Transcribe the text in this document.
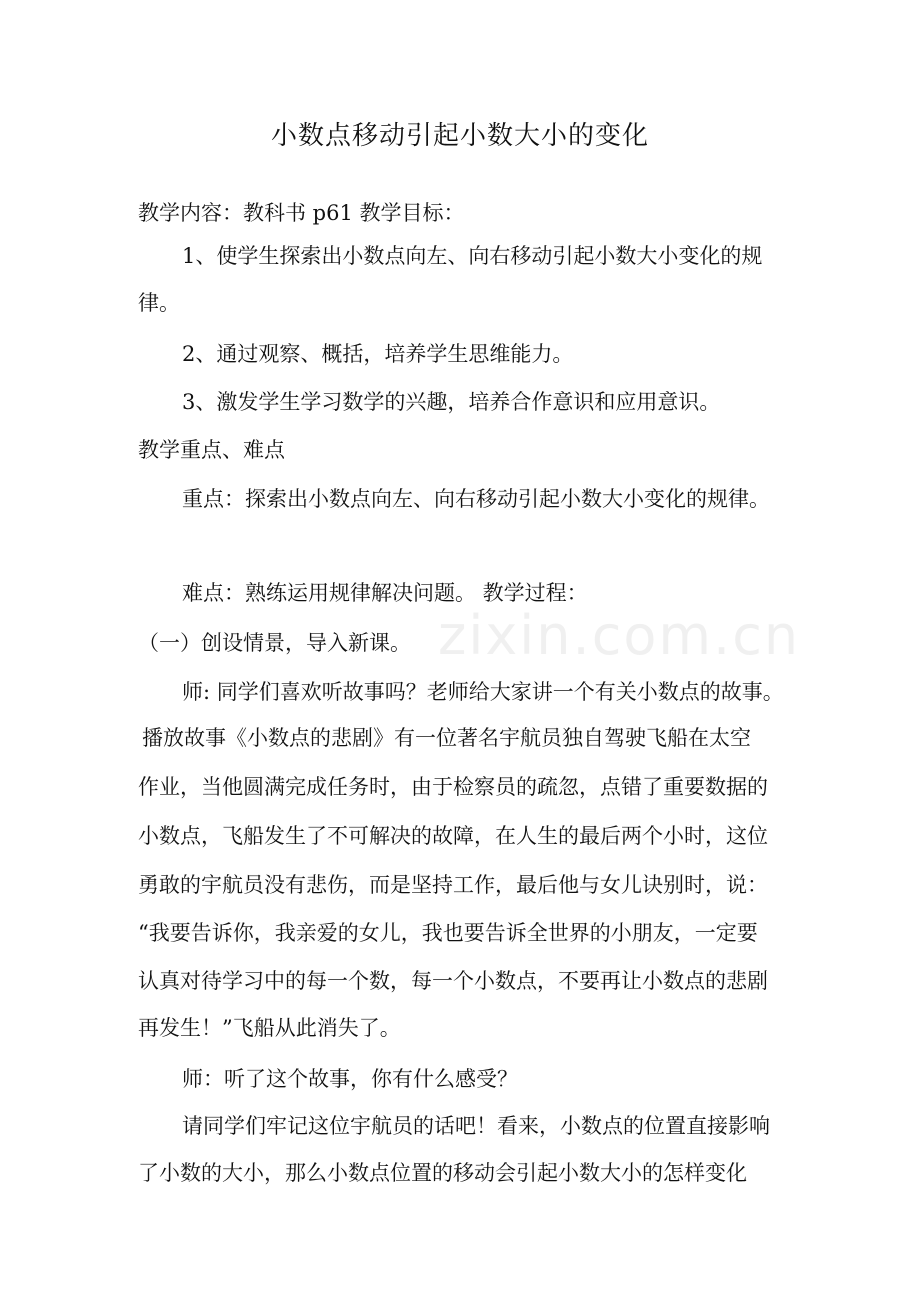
小数点移动引起小数大小的变化
教学内容：教科书 p61 教学目标：
1、使学生探索出小数点向左、向右移动引起小数大小变化的规
律。
2、通过观察、概括，培养学生思维能力。
3、激发学生学习数学的兴趣，培养合作意识和应用意识。
教学重点、难点
重点：探索出小数点向左、向右移动引起小数大小变化的规律。
难点：熟练运用规律解决问题。 教学过程：
（一）创设情景，导入新课。
师: 同学们喜欢听故事吗？老师给大家讲一个有关小数点的故事。
播放故事《小数点的悲剧》有一位著名宇航员独自驾驶飞船在太空
作业，当他圆满完成任务时，由于检察员的疏忽，点错了重要数据的
小数点，飞船发生了不可解决的故障，在人生的最后两个小时，这位
勇敢的宇航员没有悲伤，而是坚持工作，最后他与女儿诀别时，说：
“我要告诉你，我亲爱的女儿，我也要告诉全世界的小朋友，一定要
认真对待学习中的每一个数，每一个小数点，不要再让小数点的悲剧
再发生！”飞船从此消失了。
师：听了这个故事，你有什么感受？
请同学们牢记这位宇航员的话吧！看来，小数点的位置直接影响
了小数的大小，那么小数点位置的移动会引起小数大小的怎样变化
zixin.com.cn
